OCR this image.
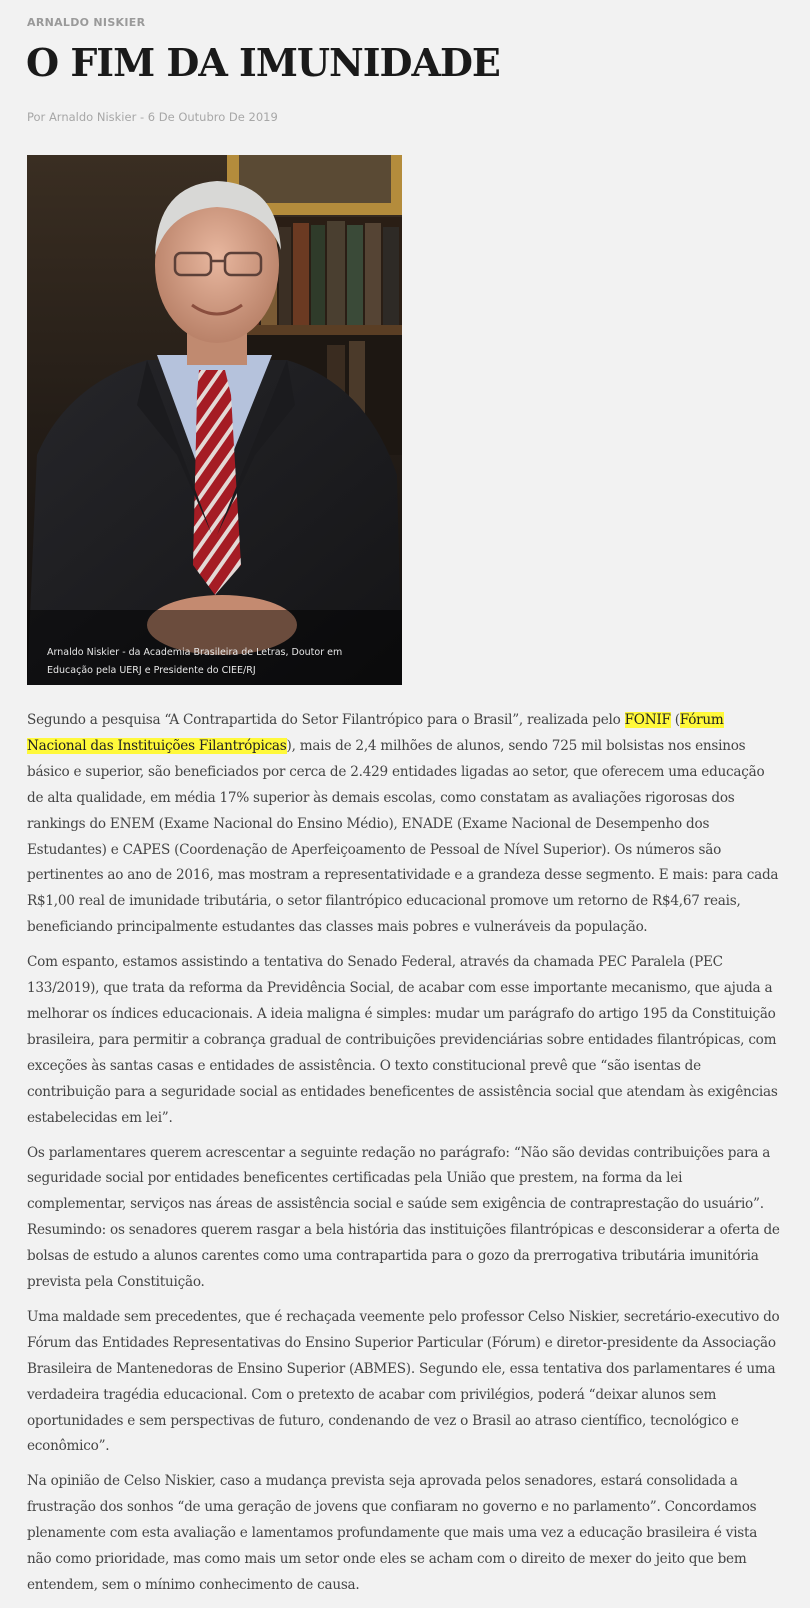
ARNALDO NISKIER
O FIM DA IMUNIDADE
Por Arnaldo Niskier - 6 De Outubro De 2019
Arnaldo Niskier - da Academia Brasileira de Letras, Doutor em Educação pela UERJ e Presidente do CIEE/RJ

Segundo a pesquisa “A Contrapartida do Setor Filantrópico para o Brasil”, realizada pelo FONIF (Fórum Nacional das Instituições Filantrópicas), mais de 2,4 milhões de alunos, sendo 725 mil bolsistas nos ensinos básico e superior, são beneficiados por cerca de 2.429 entidades ligadas ao setor, que oferecem uma educação de alta qualidade, em média 17% superior às demais escolas, como constatam as avaliações rigorosas dos rankings do ENEM (Exame Nacional do Ensino Médio), ENADE (Exame Nacional de Desempenho dos Estudantes) e CAPES (Coordenação de Aperfeiçoamento de Pessoal de Nível Superior). Os números são pertinentes ao ano de 2016, mas mostram a representatividade e a grandeza desse segmento. E mais: para cada R$1,00 real de imunidade tributária, o setor filantrópico educacional promove um retorno de R$4,67 reais, beneficiando principalmente estudantes das classes mais pobres e vulneráveis da população.

Com espanto, estamos assistindo a tentativa do Senado Federal, através da chamada PEC Paralela (PEC 133/2019), que trata da reforma da Previdência Social, de acabar com esse importante mecanismo, que ajuda a melhorar os índices educacionais. A ideia maligna é simples: mudar um parágrafo do artigo 195 da Constituição brasileira, para permitir a cobrança gradual de contribuições previdenciárias sobre entidades filantrópicas, com exceções às santas casas e entidades de assistência. O texto constitucional prevê que “são isentas de contribuição para a seguridade social as entidades beneficentes de assistência social que atendam às exigências estabelecidas em lei”.

Os parlamentares querem acrescentar a seguinte redação no parágrafo: “Não são devidas contribuições para a seguridade social por entidades beneficentes certificadas pela União que prestem, na forma da lei complementar, serviços nas áreas de assistência social e saúde sem exigência de contraprestação do usuário”. Resumindo: os senadores querem rasgar a bela história das instituições filantrópicas e desconsiderar a oferta de bolsas de estudo a alunos carentes como uma contrapartida para o gozo da prerrogativa tributária imunitória prevista pela Constituição.

Uma maldade sem precedentes, que é rechaçada veemente pelo professor Celso Niskier, secretário-executivo do Fórum das Entidades Representativas do Ensino Superior Particular (Fórum) e diretor-presidente da Associação Brasileira de Mantenedoras de Ensino Superior (ABMES). Segundo ele, essa tentativa dos parlamentares é uma verdadeira tragédia educacional. Com o pretexto de acabar com privilégios, poderá “deixar alunos sem oportunidades e sem perspectivas de futuro, condenando de vez o Brasil ao atraso científico, tecnológico e econômico”.

Na opinião de Celso Niskier, caso a mudança prevista seja aprovada pelos senadores, estará consolidada a frustração dos sonhos “de uma geração de jovens que confiaram no governo e no parlamento”. Concordamos plenamente com esta avaliação e lamentamos profundamente que mais uma vez a educação brasileira é vista não como prioridade, mas como mais um setor onde eles se acham com o direito de mexer do jeito que bem entendem, sem o mínimo conhecimento de causa.
